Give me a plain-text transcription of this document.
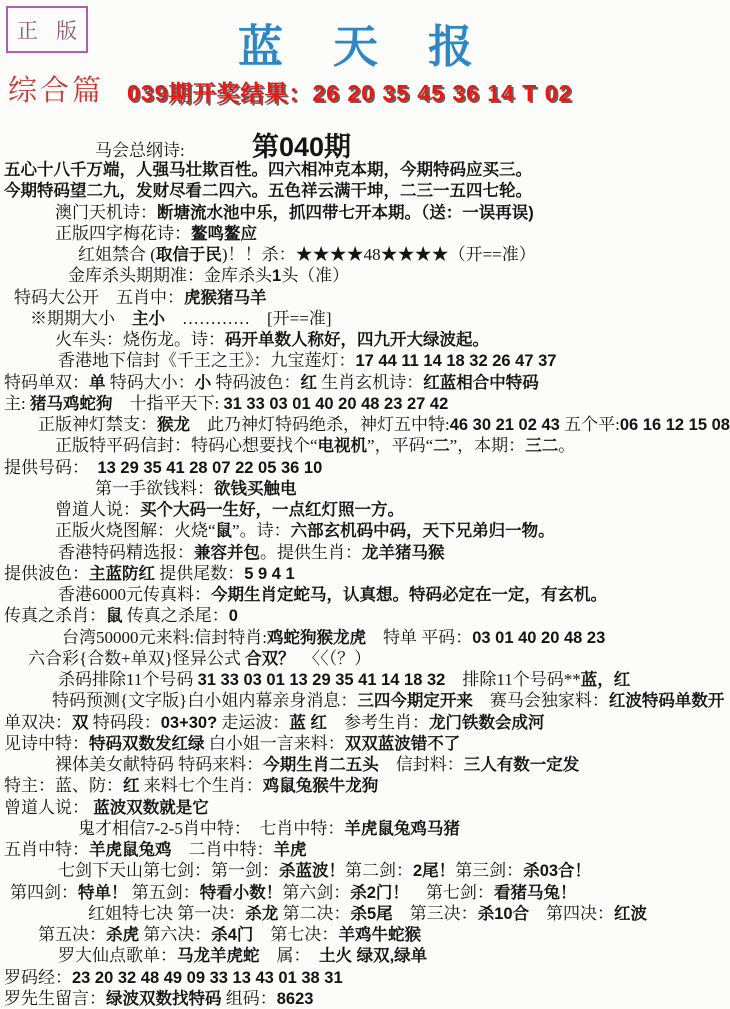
正版	蓝天报
综合篇 039期开奖结果：26 20 35 45 36 14 T 02
马会总纲诗: 第040期
五心十八千万端，人强马壮欺百性。四六相冲克本期，今期特码应买三。
今期特码望二九，发财尽看二四六。五色祥云满干坤，二三一五四七轮。
澳门天机诗：断塘流水池中乐，抓四带七开本期。（送：一误再误)
正版四字梅花诗：鳌鸣鳌应
红姐禁合 (取信于民)！！杀：★★★★48★★★★（开==准）
金库杀头期期准：金库杀头1头（准）
特码大公开　五肖中：虎猴猪马羊
※期期大小　主小　…………　[开==准]
火车头：烧伤龙。诗：码开单数人称好，四九开大绿波起。
香港地下信封《千王之王》：九宝莲灯：17 44 11 14 18 32 26 47 37
特码单双：单 特码大小：小 特码波色：红 生肖玄机诗：红蓝相合中特码
主: 猪马鸡蛇狗　十指平天下: 31 33 03 01 40 20 48 23 27 42
正版神灯禁支：猴龙　此乃神灯特码绝杀，神灯五中特:46 30 21 02 43 五个平:06 16 12 15 08
正版特平码信封：特码心想要找个“电视机”，平码“二”，本期：三二。
提供号码：　13 29 35 41 28 07 22 05 36 10
第一手欲钱料：欲钱买触电
曾道人说：买个大码一生好，一点红灯照一方。
正版火烧图解：火烧“鼠”。诗：六部玄机码中码，天下兄弟归一物。
香港特码精选报：兼容并包。提供生肖：龙羊猪马猴
提供波色：主蓝防红 提供尾数：5 9 4 1
香港6000元传真料：今期生肖定蛇马，认真想。特码必定在一定，有玄机。
传真之杀肖：鼠 传真之杀尾：0
台湾50000元来料:信封特肖:鸡蛇狗猴龙虎　特单 平码：03 01 40 20 48 23
六合彩{合数+单双}怪异公式 合双？　〈〈（？）
杀码排除11个号码 31 33 03 01 13 29 35 41 14 18 32　排除11个号码**蓝，红
特码预测{文字版}白小姐内幕亲身消息：三四今期定开来　赛马会独家料：红波特码单数开
单双决：双 特码段：03+30? 走运波：蓝 红　参考生肖：龙门铁数会成河
见诗中特：特码双数发红绿 白小姐一言来料：双双蓝波错不了
裸体美女献特码 特码来料：今期生肖二五头　信封料：三人有数一定发
特主：蓝、防：红 来料七个生肖：鸡鼠兔猴牛龙狗
曾道人说： 蓝波双数就是它
鬼才相信7-2-5肖中特：　七肖中特：羊虎鼠兔鸡马猪
五肖中特：羊虎鼠兔鸡　二肖中特：羊虎
七剑下天山第七剑：第一剑：杀蓝波！第二剑：2尾！第三剑：杀03合！
第四剑：特单！ 第五剑：特看小数！第六剑：杀2门！　第七剑：看猪马兔！
红姐特七决 第一决：杀龙 第二决：杀5尾　第三决：杀10合　第四决：红波
第五决：杀虎 第六决：杀4门　第七决：羊鸡牛蛇猴
罗大仙点歌单：马龙羊虎蛇　属：　土火 绿双,绿单
罗码经：23 20 32 48 49 09 33 13 43 01 38 31
罗先生留言：绿波双数找特码 组码：8623
